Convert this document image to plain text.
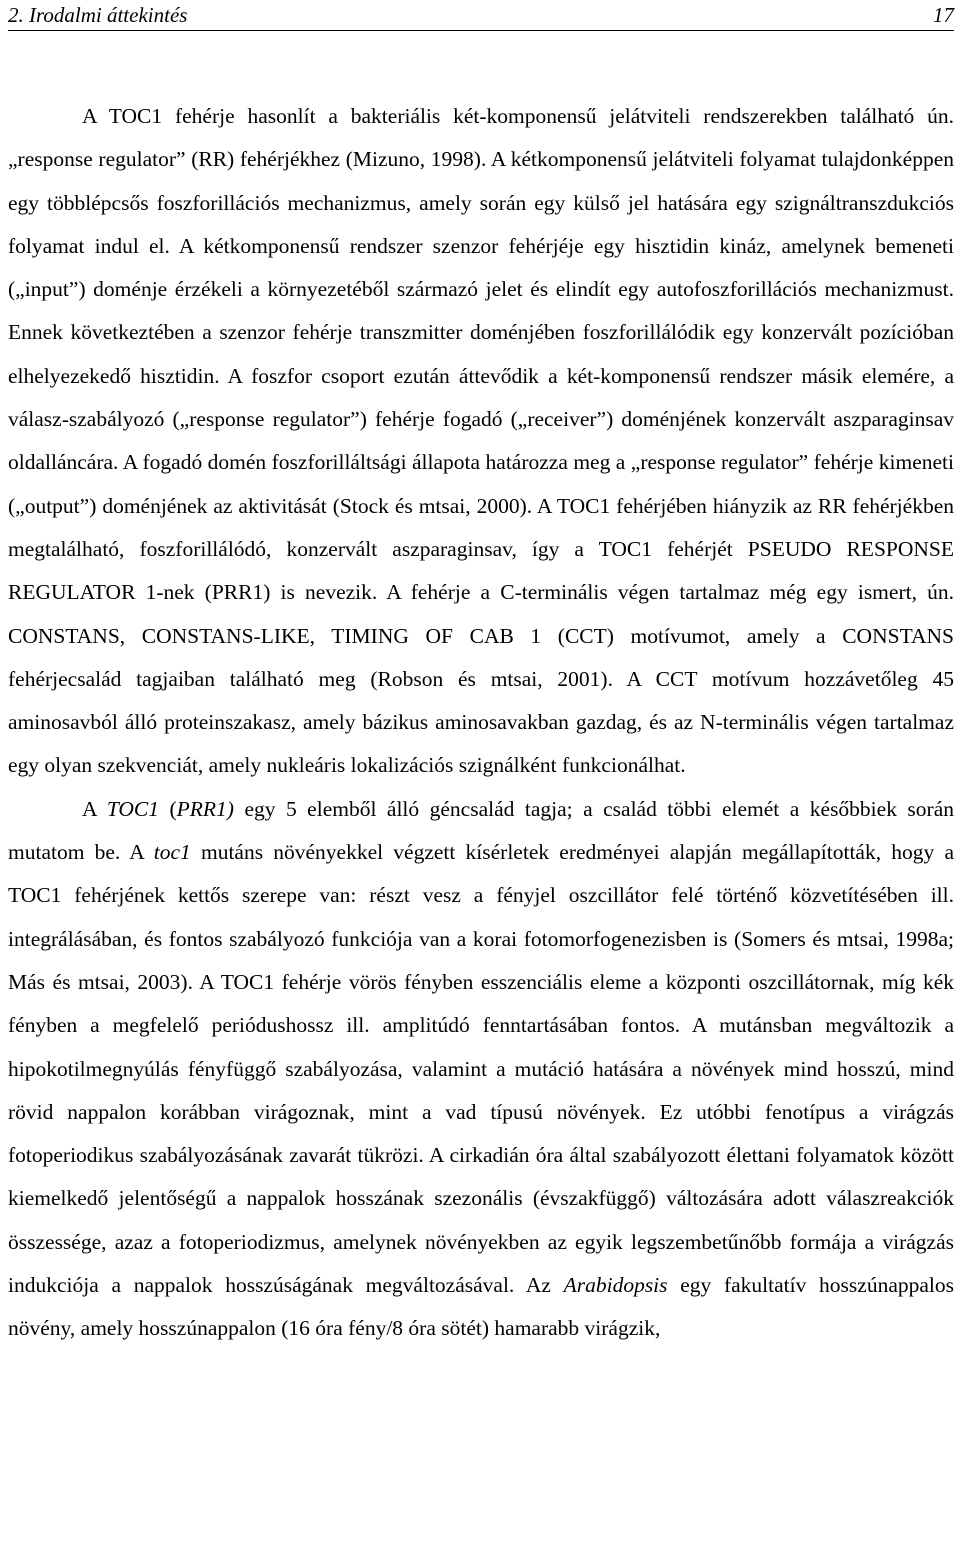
2. Irodalmi áttekintés	17

A TOC1 fehérje hasonlít a bakteriális két-komponensű jelátviteli rendszerekben található ún. „response regulator” (RR) fehérjékhez (Mizuno, 1998). A kétkomponensű jelátviteli folyamat tulajdonképpen egy többlépcsős foszforillációs mechanizmus, amely során egy külső jel hatására egy szignáltranszdukciós folyamat indul el. A kétkomponensű rendszer szenzor fehérjéje egy hisztidin kináz, amelynek bemeneti („input”) doménje érzékeli a környezetéből származó jelet és elindít egy autofoszforillációs mechanizmust. Ennek következtében a szenzor fehérje transzmitter doménjében foszforillálódik egy konzervált pozícióban elhelyezekedő hisztidin. A foszfor csoport ezután áttevődik a két-komponensű rendszer másik elemére, a válasz-szabályozó („response regulator”) fehérje fogadó („receiver”) doménjének konzervált aszparaginsav oldalláncára. A fogadó domén foszforilláltsági állapota határozza meg a „response regulator” fehérje kimeneti („output”) doménjének az aktivitását (Stock és mtsai, 2000). A TOC1 fehérjében hiányzik az RR fehérjékben megtalálható, foszforillálódó, konzervált aszparaginsav, így a TOC1 fehérjét PSEUDO RESPONSE REGULATOR 1-nek (PRR1) is nevezik. A fehérje a C-terminális végen tartalmaz még egy ismert, ún. CONSTANS, CONSTANS-LIKE, TIMING OF CAB 1 (CCT) motívumot, amely a CONSTANS fehérjecsalád tagjaiban található meg (Robson és mtsai, 2001). A CCT motívum hozzávetőleg 45 aminosavból álló proteinszakasz, amely bázikus aminosavakban gazdag, és az N-terminális végen tartalmaz egy olyan szekvenciát, amely nukleáris lokalizációs szignálként funkcionálhat.

A TOC1 (PRR1) egy 5 elemből álló géncsalád tagja; a család többi elemét a későbbiek során mutatom be. A toc1 mutáns növényekkel végzett kísérletek eredményei alapján megállapították, hogy a TOC1 fehérjének kettős szerepe van: részt vesz a fényjel oszcillátor felé történő közvetítésében ill. integrálásában, és fontos szabályozó funkciója van a korai fotomorfogenezisben is (Somers és mtsai, 1998a; Más és mtsai, 2003). A TOC1 fehérje vörös fényben esszenciális eleme a központi oszcillátornak, míg kék fényben a megfelelő periódushossz ill. amplitúdó fenntartásában fontos. A mutánsban megváltozik a hipokotilmegnyúlás fényfüggő szabályozása, valamint a mutáció hatására a növények mind hosszú, mind rövid nappalon korábban virágoznak, mint a vad típusú növények. Ez utóbbi fenotípus a virágzás fotoperiodikus szabályozásának zavarát tükrözi. A cirkadián óra által szabályozott élettani folyamatok között kiemelkedő jelentőségű a nappalok hosszának szezonális (évszakfüggő) változására adott válaszreakciók összessége, azaz a fotoperiodizmus, amelynek növényekben az egyik legszembetűnőbb formája a virágzás indukciója a nappalok hosszúságának megváltozásával. Az Arabidopsis egy fakultatív hosszúnappalos növény, amely hosszúnappalon (16 óra fény/8 óra sötét) hamarabb virágzik,
